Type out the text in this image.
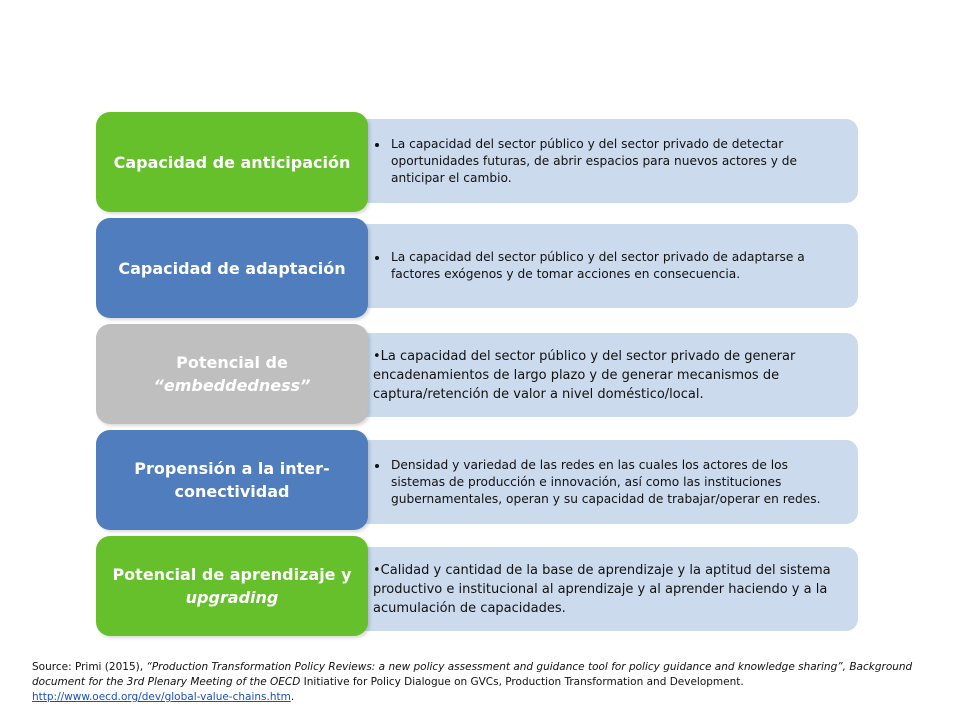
• La capacidad del sector público y del sector privado de detectar oportunidades futuras, de abrir espacios para nuevos actores y de anticipar el cambio.
Capacidad de anticipación
• La capacidad del sector público y del sector privado de adaptarse a factores exógenos y de tomar acciones en consecuencia.
Capacidad de adaptación
•La capacidad del sector público y del sector privado de generar encadenamientos de largo plazo y de generar mecanismos de captura/retención de valor a nivel doméstico/local.
Potencial de
“embeddedness”
• Densidad y variedad de las redes en las cuales los actores de los sistemas de producción e innovación, así como las instituciones gubernamentales, operan y su capacidad de trabajar/operar en redes.
Propensión a la inter-conectividad
•Calidad y cantidad de la base de aprendizaje y la aptitud del sistema productivo e institucional al aprendizaje y al aprender haciendo y a la acumulación de capacidades.
Potencial de aprendizaje y
upgrading
Source: Primi (2015), “Production Transformation Policy Reviews: a new policy assessment and guidance tool for policy guidance and knowledge sharing”, Background document for the 3rd Plenary Meeting of the OECD Initiative for Policy Dialogue on GVCs, Production Transformation and Development.
http://www.oecd.org/dev/global-value-chains.htm.
